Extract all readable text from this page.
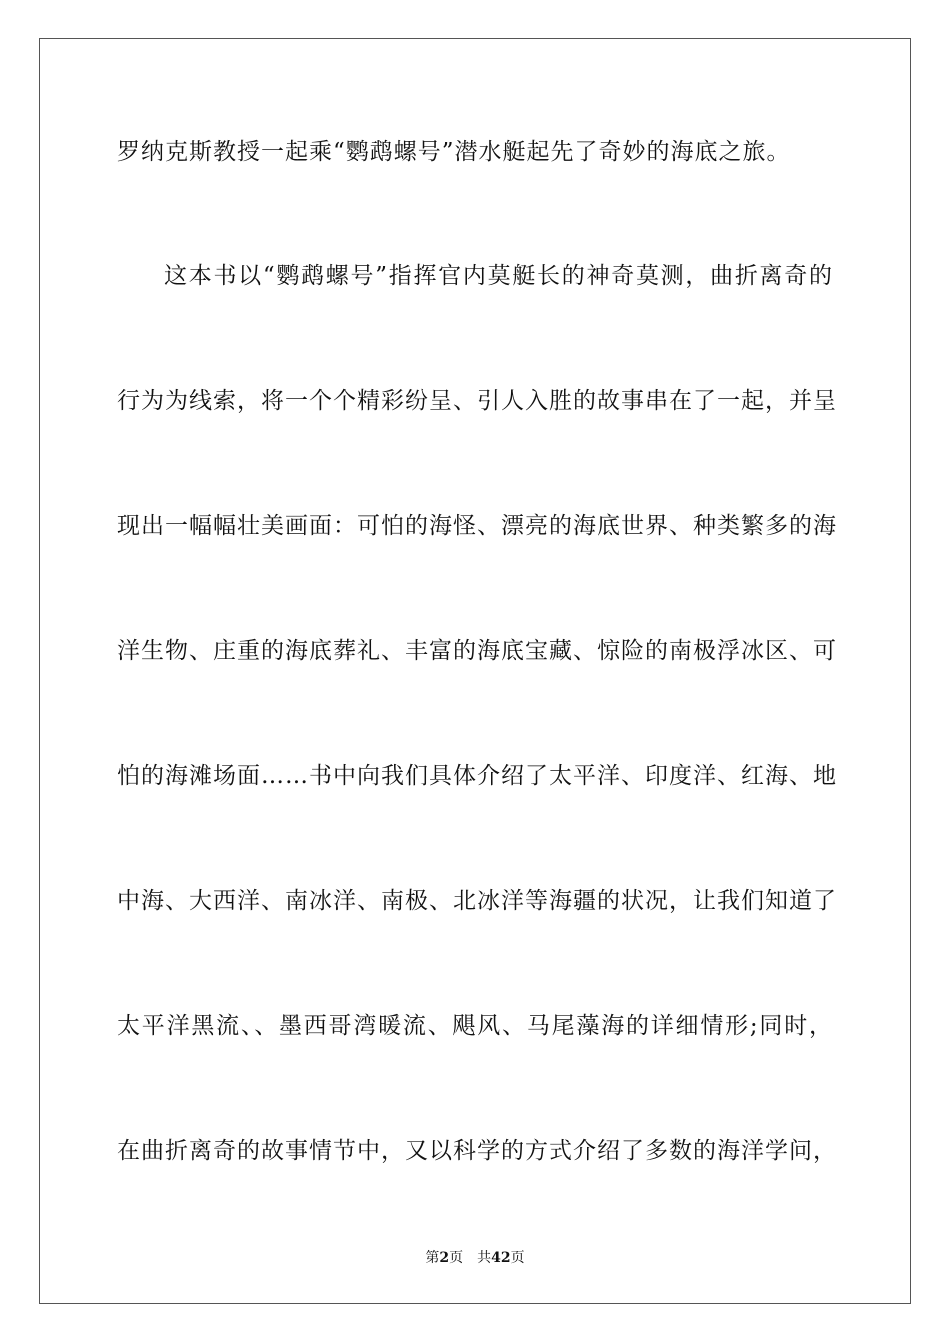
罗纳克斯教授一起乘“鹦鹉螺号”潜水艇起先了奇妙的海底之旅。
这本书以“鹦鹉螺号”指挥官内莫艇长的神奇莫测，曲折离奇的
行为为线索，将一个个精彩纷呈、引人入胜的故事串在了一起，并呈
现出一幅幅壮美画面：可怕的海怪、漂亮的海底世界、种类繁多的海
洋生物、庄重的海底葬礼、丰富的海底宝藏、惊险的南极浮冰区、可
怕的海滩场面……书中向我们具体介绍了太平洋、印度洋、红海、地
中海、大西洋、南冰洋、南极、北冰洋等海疆的状况，让我们知道了
太平洋黑流、、墨西哥湾暖流、飓风、马尾藻海的详细情形;同时，
在曲折离奇的故事情节中，又以科学的方式介绍了多数的海洋学问，
第2页 共42页
